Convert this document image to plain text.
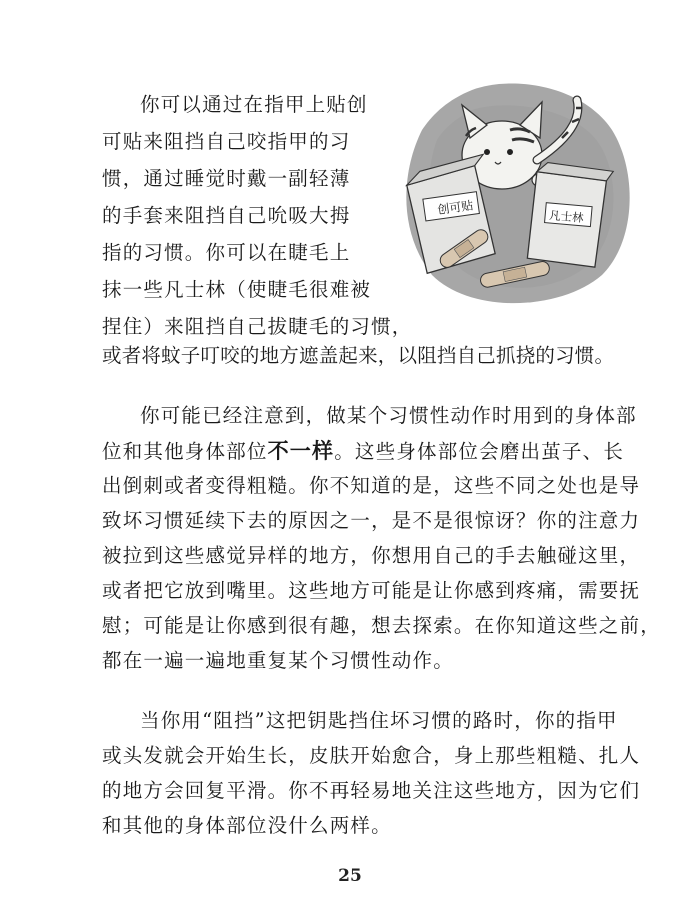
你可以通过在指甲上贴创
可贴来阻挡自己咬指甲的习
惯，通过睡觉时戴一副轻薄
的手套来阻挡自己吮吸大拇
指的习惯。你可以在睫毛上
抹一些凡士林（使睫毛很难被
捏住）来阻挡自己拔睫毛的习惯，
或者将蚊子叮咬的地方遮盖起来，以阻挡自己抓挠的习惯。
创可贴	凡士林
你可能已经注意到，做某个习惯性动作时用到的身体部
位和其他身体部位不一样。这些身体部位会磨出茧子、长
出倒刺或者变得粗糙。你不知道的是，这些不同之处也是导
致坏习惯延续下去的原因之一，是不是很惊讶？你的注意力
被拉到这些感觉异样的地方，你想用自己的手去触碰这里，
或者把它放到嘴里。这些地方可能是让你感到疼痛，需要抚
慰；可能是让你感到很有趣，想去探索。在你知道这些之前，
都在一遍一遍地重复某个习惯性动作。
当你用“阻挡”这把钥匙挡住坏习惯的路时，你的指甲
或头发就会开始生长，皮肤开始愈合，身上那些粗糙、扎人
的地方会回复平滑。你不再轻易地关注这些地方，因为它们
和其他的身体部位没什么两样。
25
